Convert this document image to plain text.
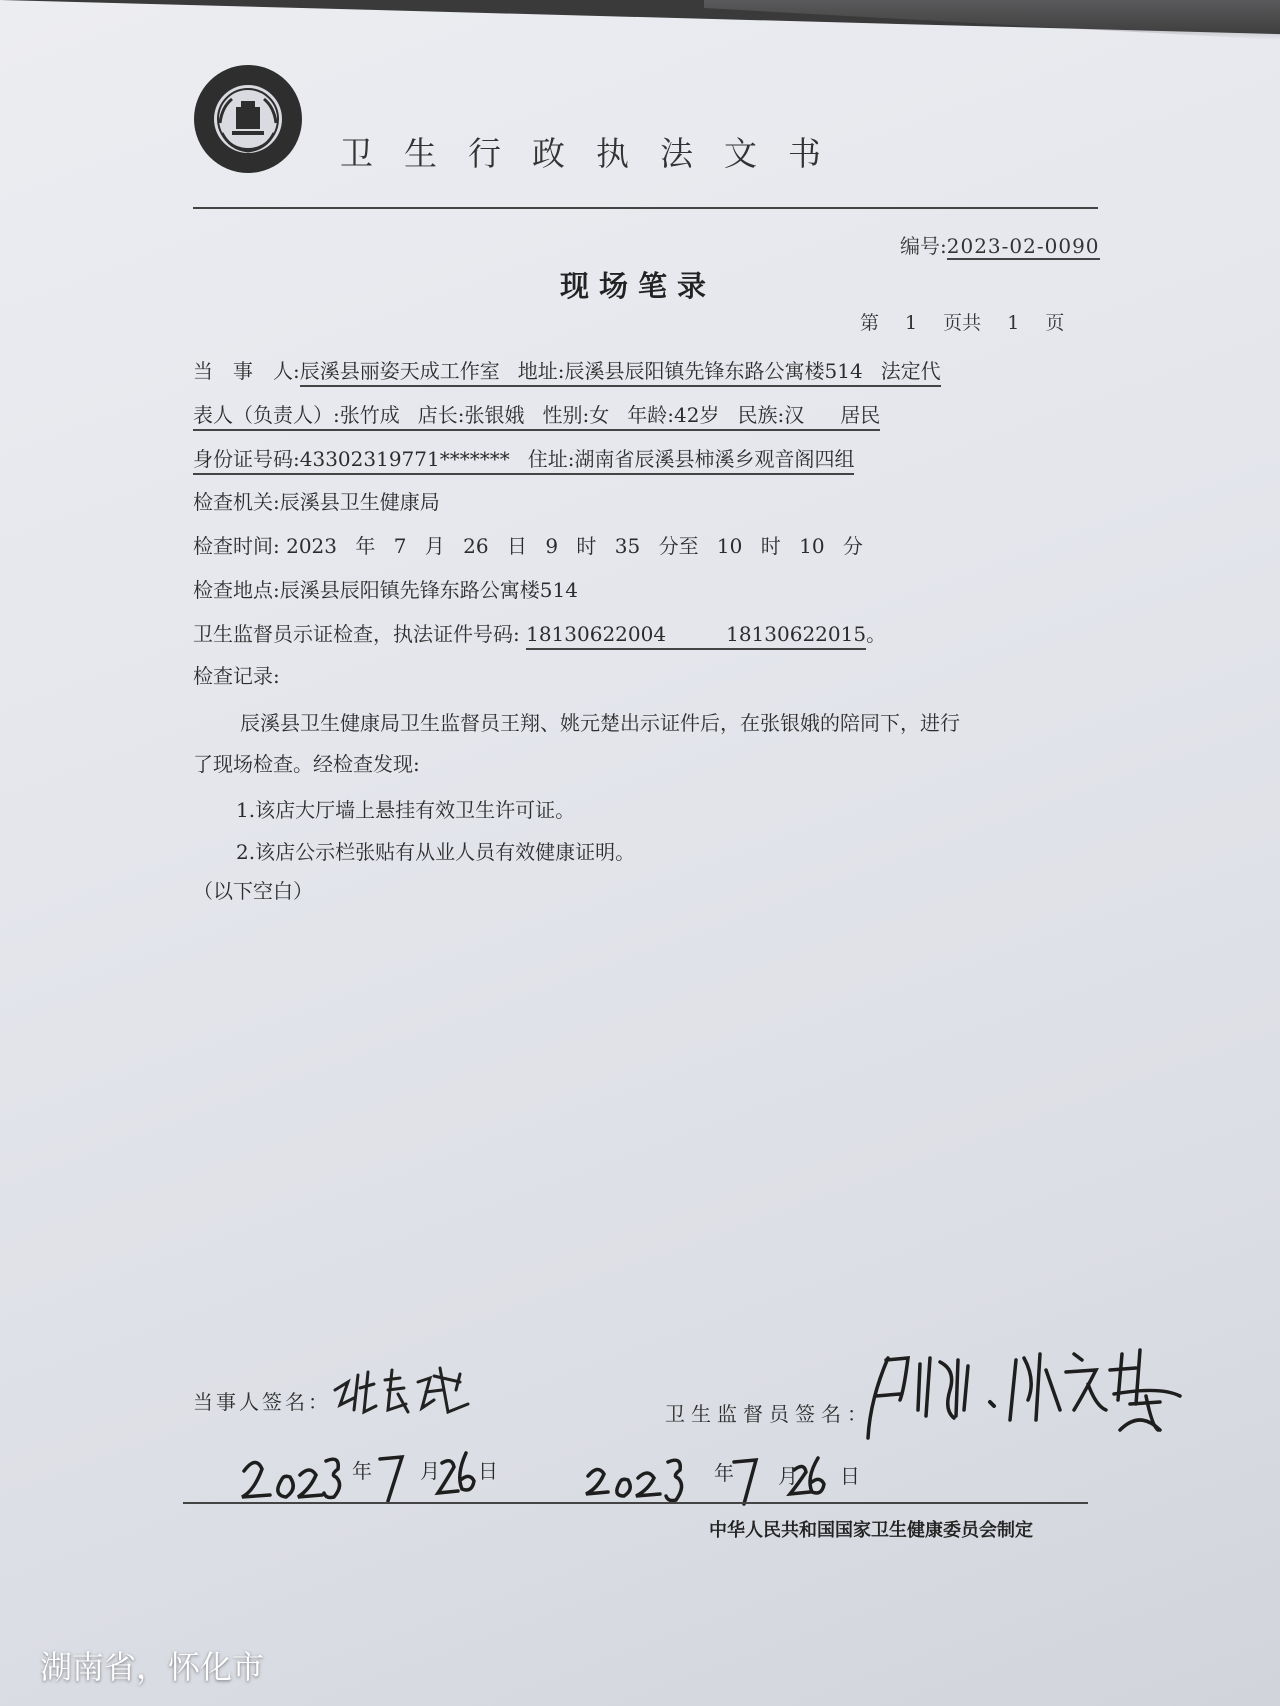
卫生行政执法文书
编号:2023-02-0090
现场笔录
第 1 页共 1 页
当　事　人:辰溪县丽姿天成工作室 地址:辰溪县辰阳镇先锋东路公寓楼514 法定代
表人（负责人）:张竹成 店长:张银娥 性别:女 年龄:42岁 民族:汉 居民
身份证号码:43302319771******* 住址:湖南省辰溪县柿溪乡观音阁四组
检查机关:辰溪县卫生健康局
检查时间: 2023 年 7 月 26 日 9 时 35 分至 10 时 10 分
检查地点:辰溪县辰阳镇先锋东路公寓楼514
卫生监督员示证检查，执法证件号码: 18130622004	18130622015。
检查记录:
辰溪县卫生健康局卫生监督员王翔、姚元楚出示证件后，在张银娥的陪同下，进行
了现场检查。经检查发现:
1.该店大厅墙上悬挂有效卫生许可证。
2.该店公示栏张贴有从业人员有效健康证明。
（以下空白）
当事人签名：	卫生监督员签名：
年 月 日	年 月 日
中华人民共和国国家卫生健康委员会制定
湖南省，怀化市
